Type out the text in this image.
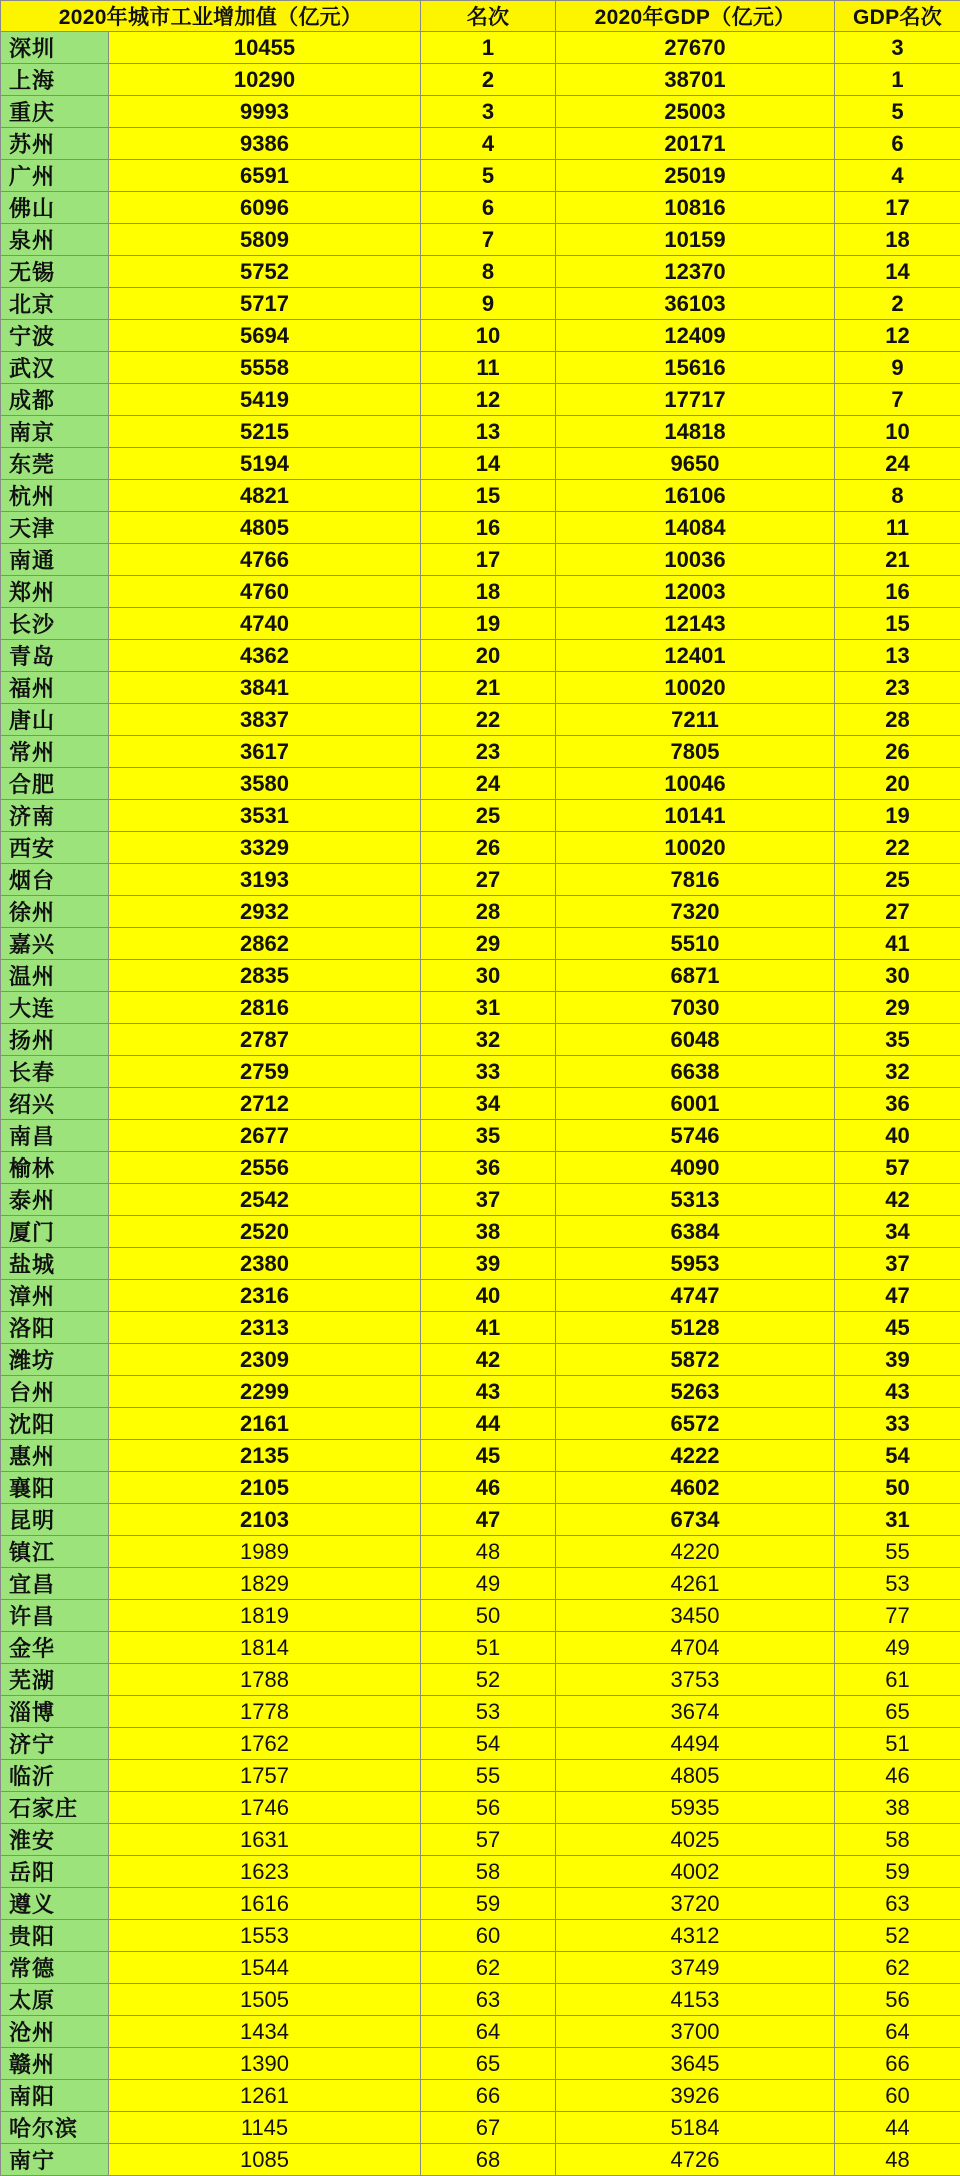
2020年城市工业增加值（亿元）		名次	2020年GDP（亿元）	GDP名次
深圳	10455	1	27670	3
上海	10290	2	38701	1
重庆	9993	3	25003	5
苏州	9386	4	20171	6
广州	6591	5	25019	4
佛山	6096	6	10816	17
泉州	5809	7	10159	18
无锡	5752	8	12370	14
北京	5717	9	36103	2
宁波	5694	10	12409	12
武汉	5558	11	15616	9
成都	5419	12	17717	7
南京	5215	13	14818	10
东莞	5194	14	9650	24
杭州	4821	15	16106	8
天津	4805	16	14084	11
南通	4766	17	10036	21
郑州	4760	18	12003	16
长沙	4740	19	12143	15
青岛	4362	20	12401	13
福州	3841	21	10020	23
唐山	3837	22	7211	28
常州	3617	23	7805	26
合肥	3580	24	10046	20
济南	3531	25	10141	19
西安	3329	26	10020	22
烟台	3193	27	7816	25
徐州	2932	28	7320	27
嘉兴	2862	29	5510	41
温州	2835	30	6871	30
大连	2816	31	7030	29
扬州	2787	32	6048	35
长春	2759	33	6638	32
绍兴	2712	34	6001	36
南昌	2677	35	5746	40
榆林	2556	36	4090	57
泰州	2542	37	5313	42
厦门	2520	38	6384	34
盐城	2380	39	5953	37
漳州	2316	40	4747	47
洛阳	2313	41	5128	45
潍坊	2309	42	5872	39
台州	2299	43	5263	43
沈阳	2161	44	6572	33
惠州	2135	45	4222	54
襄阳	2105	46	4602	50
昆明	2103	47	6734	31
镇江	1989	48	4220	55
宜昌	1829	49	4261	53
许昌	1819	50	3450	77
金华	1814	51	4704	49
芜湖	1788	52	3753	61
淄博	1778	53	3674	65
济宁	1762	54	4494	51
临沂	1757	55	4805	46
石家庄	1746	56	5935	38
淮安	1631	57	4025	58
岳阳	1623	58	4002	59
遵义	1616	59	3720	63
贵阳	1553	60	4312	52
常德	1544	62	3749	62
太原	1505	63	4153	56
沧州	1434	64	3700	64
赣州	1390	65	3645	66
南阳	1261	66	3926	60
哈尔滨	1145	67	5184	44
南宁	1085	68	4726	48
